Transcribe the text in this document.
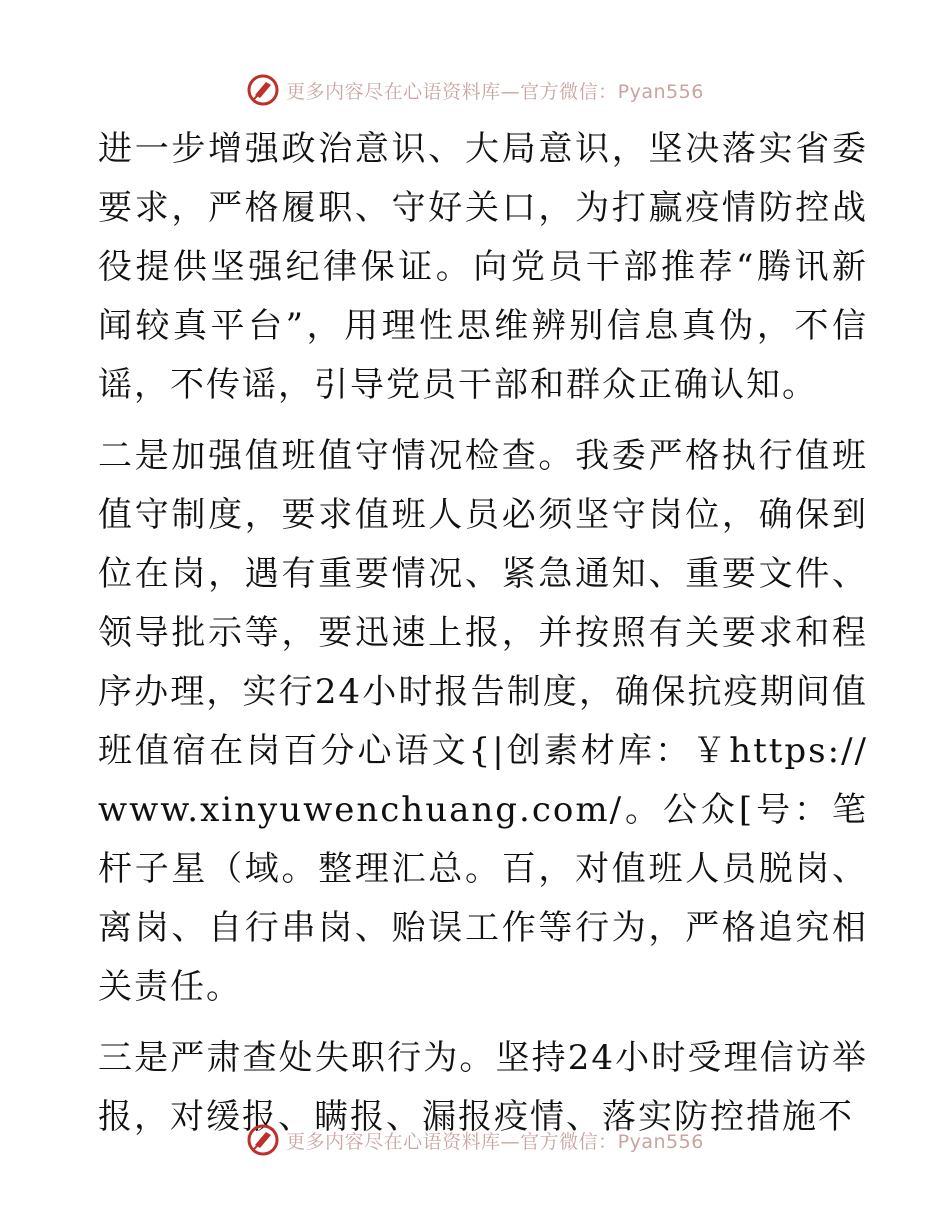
更多内容尽在心语资料库—官方微信：Pyan556

进一步增强政治意识、大局意识，坚决落实省委要求，严格履职、守好关口，为打赢疫情防控战役提供坚强纪律保证。向党员干部推荐“腾讯新闻较真平台”，用理性思维辨别信息真伪，不信谣，不传谣，引导党员干部和群众正确认知。

二是加强值班值守情况检查。我委严格执行值班值守制度，要求值班人员必须坚守岗位，确保到位在岗，遇有重要情况、紧急通知、重要文件、领导批示等，要迅速上报，并按照有关要求和程序办理，实行24小时报告制度，确保抗疫期间值班值宿在岗百分心语文{|创素材库：￥https://www.xinyuwenchuang.com/。公众[号：笔杆子星（域。整理汇总。百，对值班人员脱岗、离岗、自行串岗、贻误工作等行为，严格追究相关责任。

三是严肃查处失职行为。坚持24小时受理信访举报，对缓报、瞒报、漏报疫情、落实防控措施不

更多内容尽在心语资料库—官方微信：Pyan556
